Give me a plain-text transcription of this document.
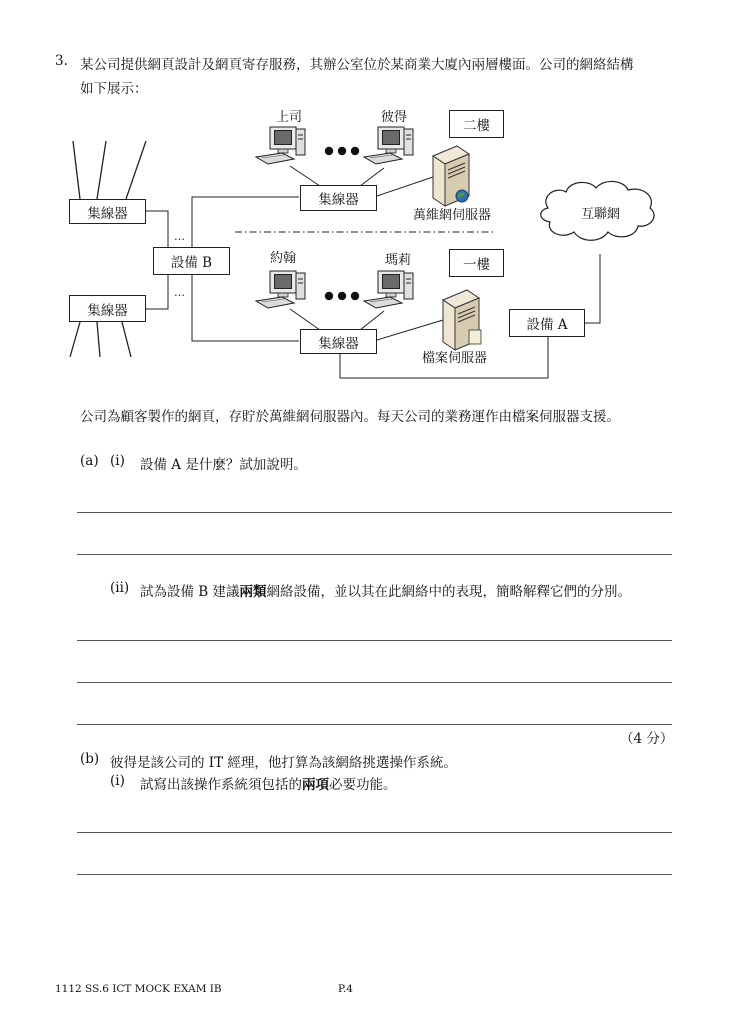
3. 某公司提供網頁設計及網頁寄存服務，其辦公室位於某商業大廈內兩層樓面。公司的網絡結構
如下展示：
…
…
上司	彼得
約翰	瑪莉
萬維網伺服器
檔案伺服器
互聯網
二樓
一樓
集線器
集線器
集線器
集線器
設備 B
設備 A
公司為顧客製作的網頁，存貯於萬維網伺服器內。每天公司的業務運作由檔案伺服器支援。
(a) (i) 設備 A 是什麼？試加說明。
(ii) 試為設備 B 建議兩類網絡設備，並以其在此網絡中的表現，簡略解釋它們的分別。
（4 分）
(b) 彼得是該公司的 IT 經理，他打算為該網絡挑選操作系統。
(i) 試寫出該操作系統須包括的兩項必要功能。
1112 SS.6 ICT MOCK EXAM IB	P.4
